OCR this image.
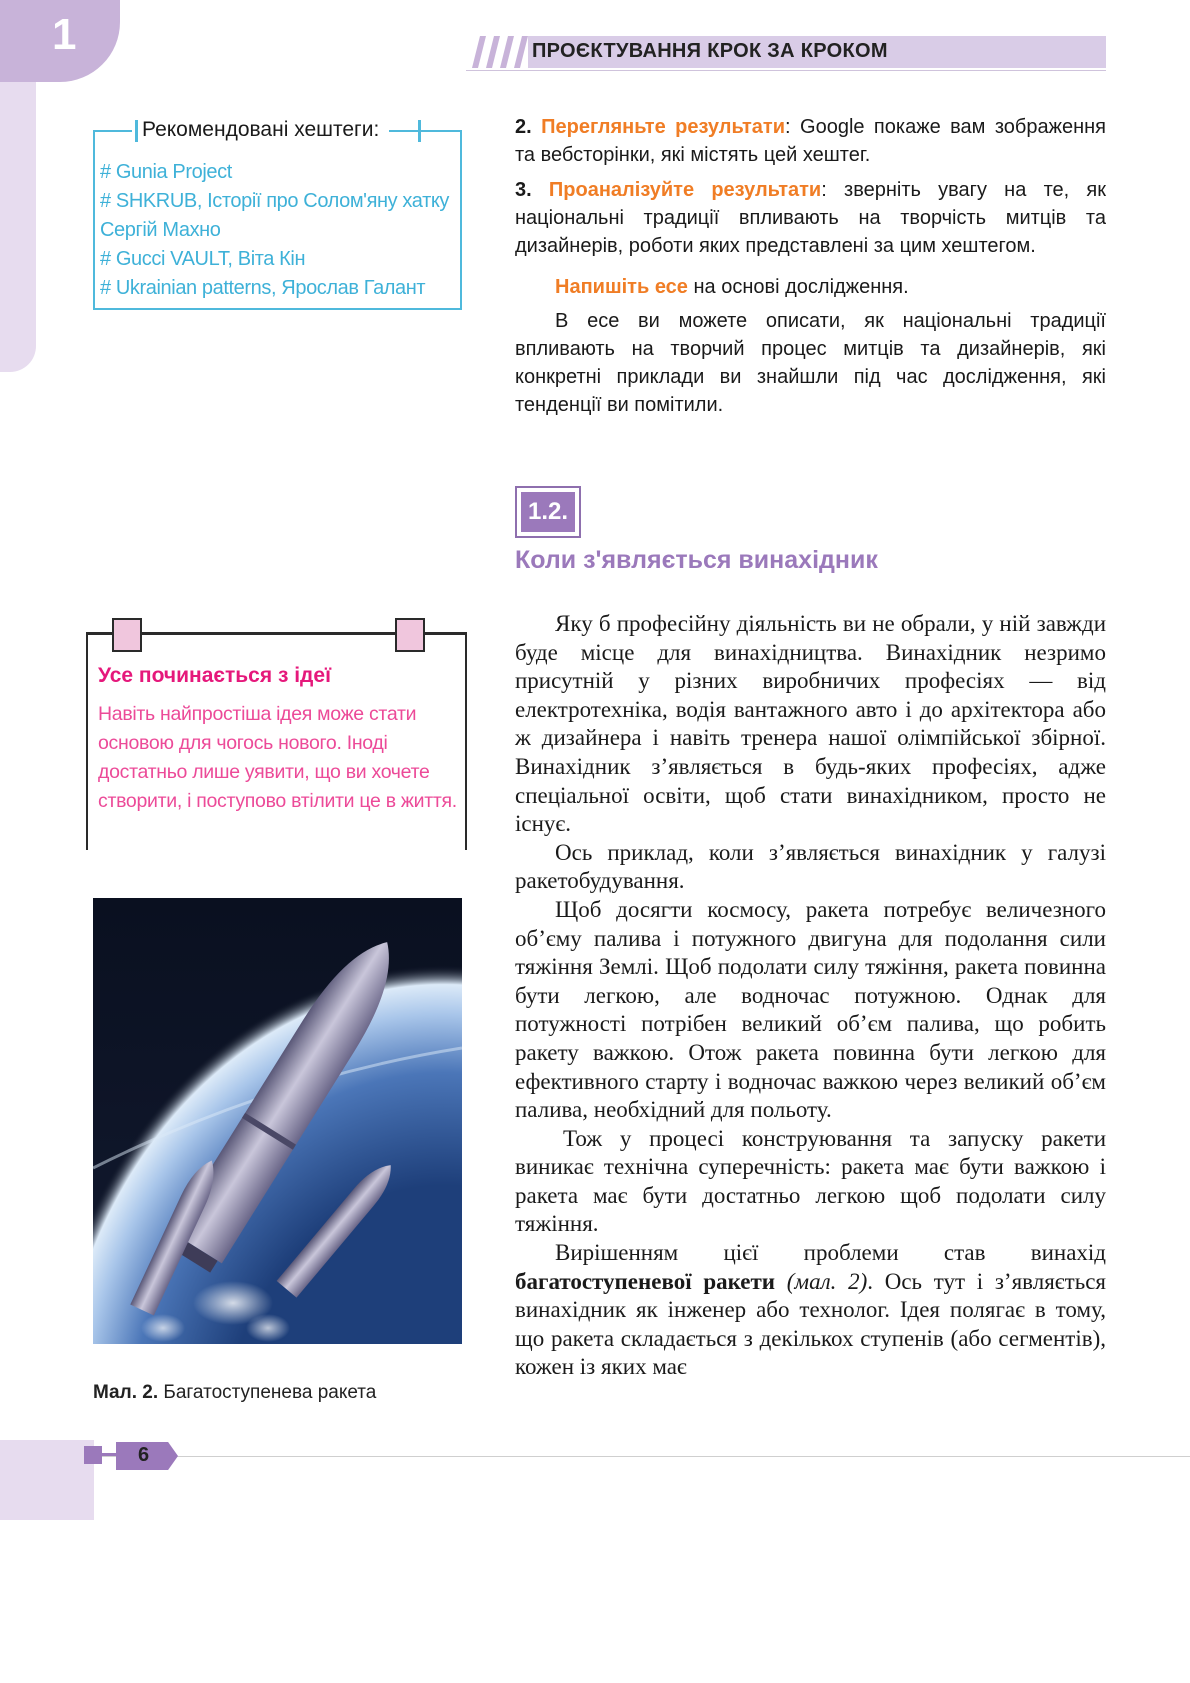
1	ПРОЄКТУВАННЯ КРОК ЗА КРОКОМ
Рекомендовані хештеги:
# Gunia Project
# SHKRUB, Історії про Солом'яну хатку
Сергій Махно
# Gucci VAULT, Віта Кін
# Ukrainian patterns, Ярослав Галант
2. Перегляньте результати: Google покаже вам зображення та вебсторінки, які містять цей хештег.
3. Проаналізуйте результати: зверніть увагу на те, як національні традиції впливають на творчість митців та дизайнерів, роботи яких представлені за цим хештегом.
Напишіть есе на основі дослідження.
В есе ви можете описати, як національні традиції впливають на творчий процес митців та дизайнерів, які конкретні приклади ви знайшли під час дослідження, які тенденції ви помітили.
1.2.
Коли з'являється винахідник
Усе починається з ідеї
Навіть найпростіша ідея може стати основою для чогось нового. Іноді достатньо лише уявити, що ви хочете створити, і поступово втілити це в життя.
Мал. 2. Багатоступенева ракета

Яку б професійну діяльність ви не обрали, у ній завжди буде місце для винахідництва. Винахідник незримо присутній у різних виробничих професіях — від електротехніка, водія вантажного авто і до архітектора або ж дизайнера і навіть тренера нашої олімпійської збірної. Винахідник з’являється в будь-яких професіях, адже спеціальної освіти, щоб стати винахідником, просто не існує.

Ось приклад, коли з’являється винахідник у галузі ракетобудування.

Щоб досягти космосу, ракета потребує величезного об’єму палива і потужного двигуна для подолання сили тяжіння Землі. Щоб подолати силу тяжіння, ракета повинна бути легкою, але водночас потужною. Однак для потужності потрібен великий об’єм палива, що робить ракету важкою. Отож ракета повинна бути легкою для ефективного старту і водночас важкою через великий об’єм палива, необхідний для польоту.

Тож у процесі конструювання та запуску ракети виникає технічна суперечність: ракета має бути важкою і ракета має бути достатньо легкою щоб подолати силу тяжіння.

Вирішенням цієї проблеми став винахід багатоступеневої ракети (мал. 2). Ось тут і з’являється винахідник як інженер або технолог. Ідея полягає в тому, що ракета складається з декількох ступенів (або сегментів), кожен із яких має

6
